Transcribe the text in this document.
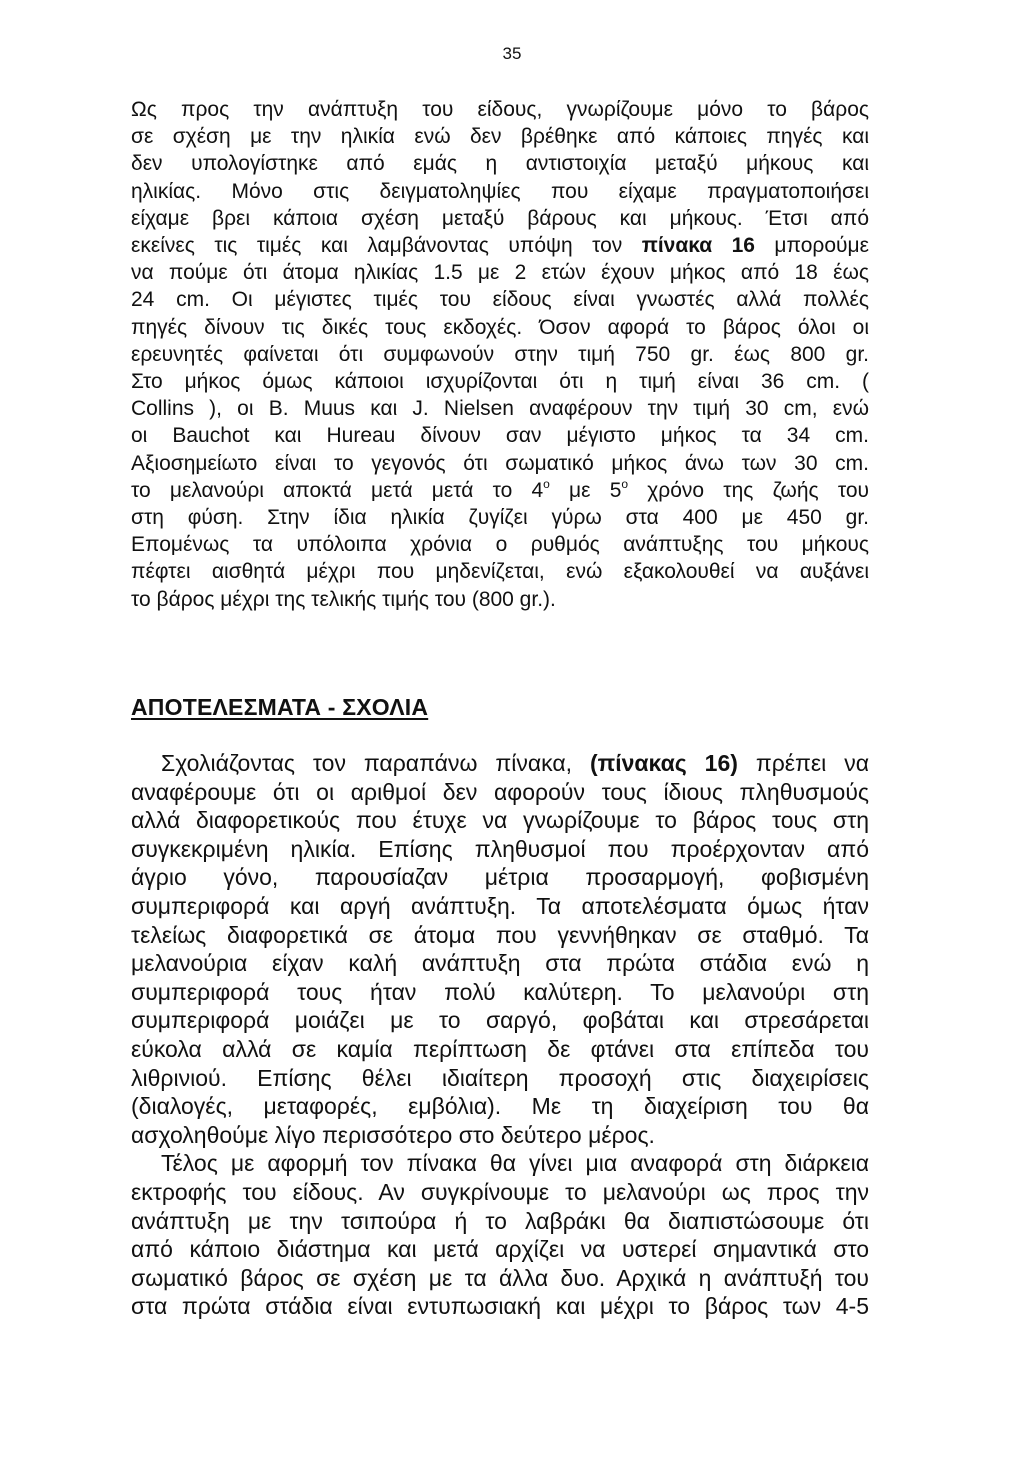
35
Ως προς την ανάπτυξη του είδους, γνωρίζουμε μόνο το βάρος
σε σχέση με την ηλικία ενώ δεν βρέθηκε από κάποιες πηγές και
δεν υπολογίστηκε από εμάς η αντιστοιχία μεταξύ μήκους και
ηλικίας. Μόνο στις δειγματοληψίες που είχαμε πραγματοποιήσει
είχαμε βρει κάποια σχέση μεταξύ βάρους και μήκους. Έτσι από
εκείνες τις τιμές και λαμβάνοντας υπόψη τον πίνακα 16 μπορούμε
να πούμε ότι άτομα ηλικίας 1.5 με 2 ετών έχουν μήκος από 18 έως
24 cm. Οι μέγιστες τιμές του είδους είναι γνωστές αλλά πολλές
πηγές δίνουν τις δικές τους εκδοχές. Όσον αφορά το βάρος όλοι οι
ερευνητές φαίνεται ότι συμφωνούν στην τιμή 750 gr. έως 800 gr.
Στο μήκος όμως κάποιοι ισχυρίζονται ότι η τιμή είναι 36 cm. (
Collins ), οι B. Muus και J. Nielsen αναφέρουν την τιμή 30 cm, ενώ
οι Bauchot και Hureau δίνουν σαν μέγιστο μήκος τα 34 cm.
Αξιοσημείωτο είναι το γεγονός ότι σωματικό μήκος άνω των 30 cm.
το μελανούρι αποκτά μετά μετά το $4^o$ με $5^o$ χρόνο της ζωής του
στη φύση. Στην ίδια ηλικία ζυγίζει γύρω στα 400 με 450 gr.
Επομένως τα υπόλοιπα χρόνια ο ρυθμός ανάπτυξης του μήκους
πέφτει αισθητά μέχρι που μηδενίζεται, ενώ εξακολουθεί να αυξάνει
το βάρος μέχρι της τελικής τιμής του (800 gr.).
ΑΠΟΤΕΛΕΣΜΑΤΑ - ΣΧΟΛΙΑ
Σχολιάζοντας τον παραπάνω πίνακα, (πίνακας 16) πρέπει να
αναφέρουμε ότι οι αριθμοί δεν αφορούν τους ίδιους πληθυσμούς
αλλά διαφορετικούς που έτυχε να γνωρίζουμε το βάρος τους στη
συγκεκριμένη ηλικία. Επίσης πληθυσμοί που προέρχονταν από
άγριο γόνο, παρουσίαζαν μέτρια προσαρμογή, φοβισμένη
συμπεριφορά και αργή ανάπτυξη. Τα αποτελέσματα όμως ήταν
τελείως διαφορετικά σε άτομα που γεννήθηκαν σε σταθμό. Τα
μελανούρια είχαν καλή ανάπτυξη στα πρώτα στάδια ενώ η
συμπεριφορά τους ήταν πολύ καλύτερη. Το μελανούρι στη
συμπεριφορά μοιάζει με το σαργό, φοβάται και στρεσάρεται
εύκολα αλλά σε καμία περίπτωση δε φτάνει στα επίπεδα του
λιθρινιού. Επίσης θέλει ιδιαίτερη προσοχή στις διαχειρίσεις
(διαλογές, μεταφορές, εμβόλια). Με τη διαχείριση του θα
ασχοληθούμε λίγο περισσότερο στο δεύτερο μέρος.
Τέλος με αφορμή τον πίνακα θα γίνει μια αναφορά στη διάρκεια
εκτροφής του είδους. Αν συγκρίνουμε το μελανούρι ως προς την
ανάπτυξη με την τσιπούρα ή το λαβράκι θα διαπιστώσουμε ότι
από κάποιο διάστημα και μετά αρχίζει να υστερεί σημαντικά στο
σωματικό βάρος σε σχέση με τα άλλα δυο. Αρχικά η ανάπτυξή του
στα πρώτα στάδια είναι εντυπωσιακή και μέχρι το βάρος των 4-5
